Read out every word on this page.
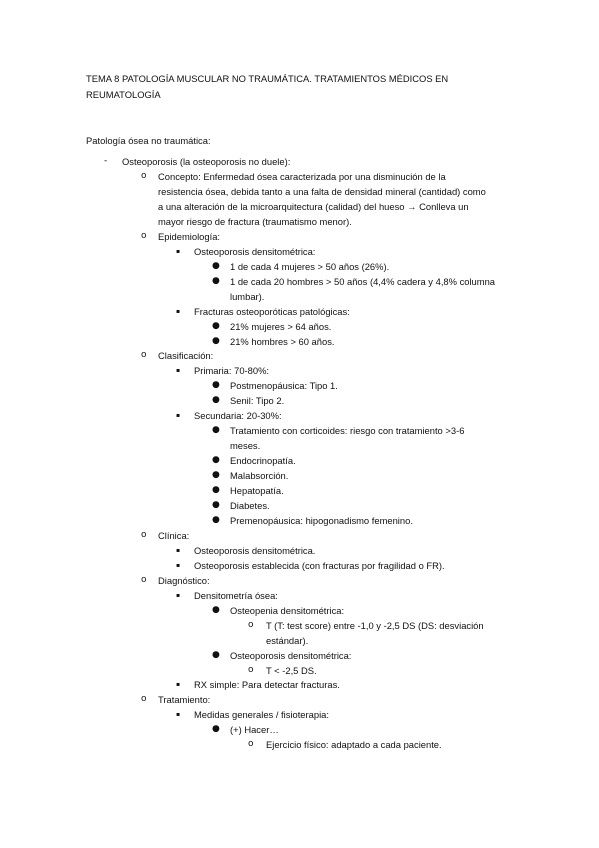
TEMA 8 PATOLOGÍA MUSCULAR NO TRAUMÁTICA. TRATAMIENTOS MÉDICOS EN
REUMATOLOGÍA
Patología ósea no traumática:
- Osteoporosis (la osteoporosis no duele):
o Concepto: Enfermedad ósea caracterizada por una disminución de la
resistencia ósea, debida tanto a una falta de densidad mineral (cantidad) como
a una alteración de la microarquitectura (calidad) del hueso → Conlleva un
mayor riesgo de fractura (traumatismo menor).
o Epidemiología:
▪ Osteoporosis densitométrica:
● 1 de cada 4 mujeres > 50 años (26%).
● 1 de cada 20 hombres > 50 años (4,4% cadera y 4,8% columna
lumbar).
▪ Fracturas osteoporóticas patológicas:
● 21% mujeres > 64 años.
● 21% hombres > 60 años.
o Clasificación:
▪ Primaria: 70-80%:
● Postmenopáusica: Tipo 1.
● Senil: Tipo 2.
▪ Secundaria: 20-30%:
● Tratamiento con corticoides: riesgo con tratamiento >3-6
meses.
● Endocrinopatía.
● Malabsorción.
● Hepatopatía.
● Diabetes.
● Premenopáusica: hipogonadismo femenino.
o Clínica:
▪ Osteoporosis densitométrica.
▪ Osteoporosis establecida (con fracturas por fragilidad o FR).
o Diagnóstico:
▪ Densitometría ósea:
● Osteopenia densitométrica:
o T (T: test score) entre -1,0 y -2,5 DS (DS: desviación
estándar).
● Osteoporosis densitométrica:
o T < -2,5 DS.
▪ RX simple: Para detectar fracturas.
o Tratamiento:
▪ Medidas generales / fisioterapia:
● (+) Hacer…
o Ejercicio físico: adaptado a cada paciente.
